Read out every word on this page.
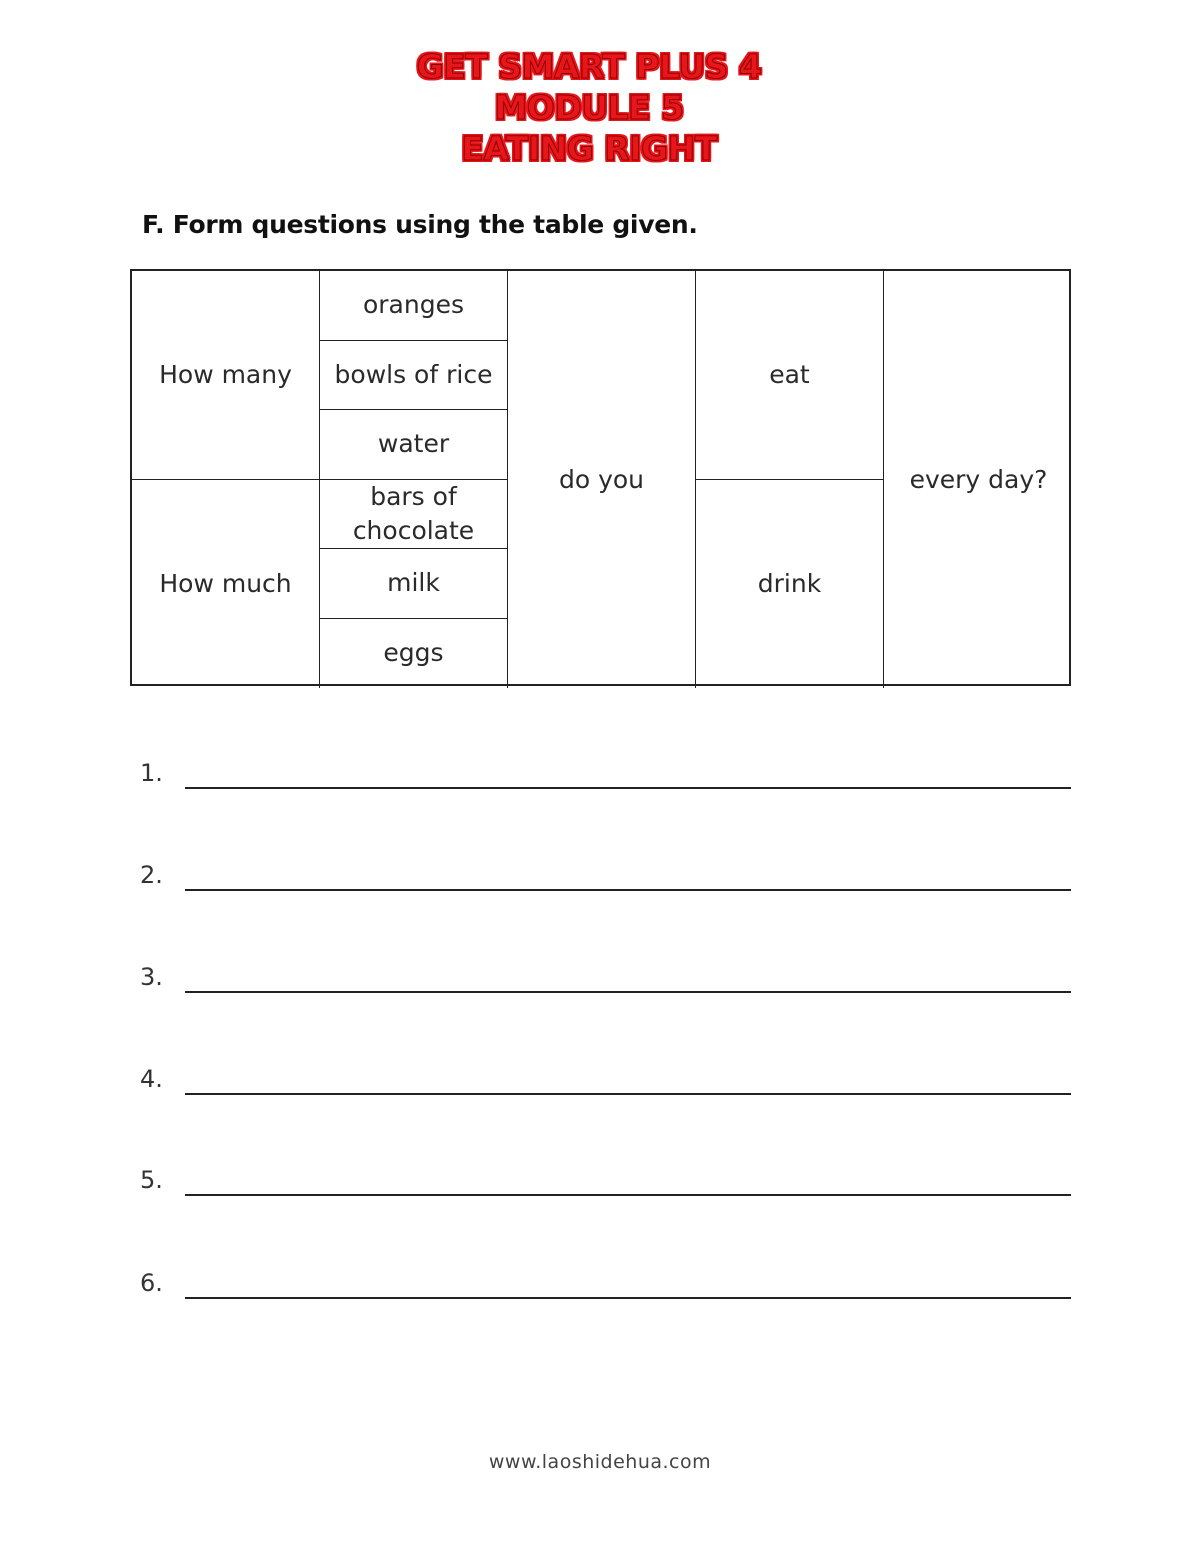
GET SMART PLUS 4
MODULE 5
EATING RIGHT
F. Form questions using the table given.
How many
How much
oranges
bowls of rice
water
bars of chocolate
milk
eggs
do you
eat
drink
every day?
1.
2.
3.
4.
5.
6.
www.laoshidehua.com
